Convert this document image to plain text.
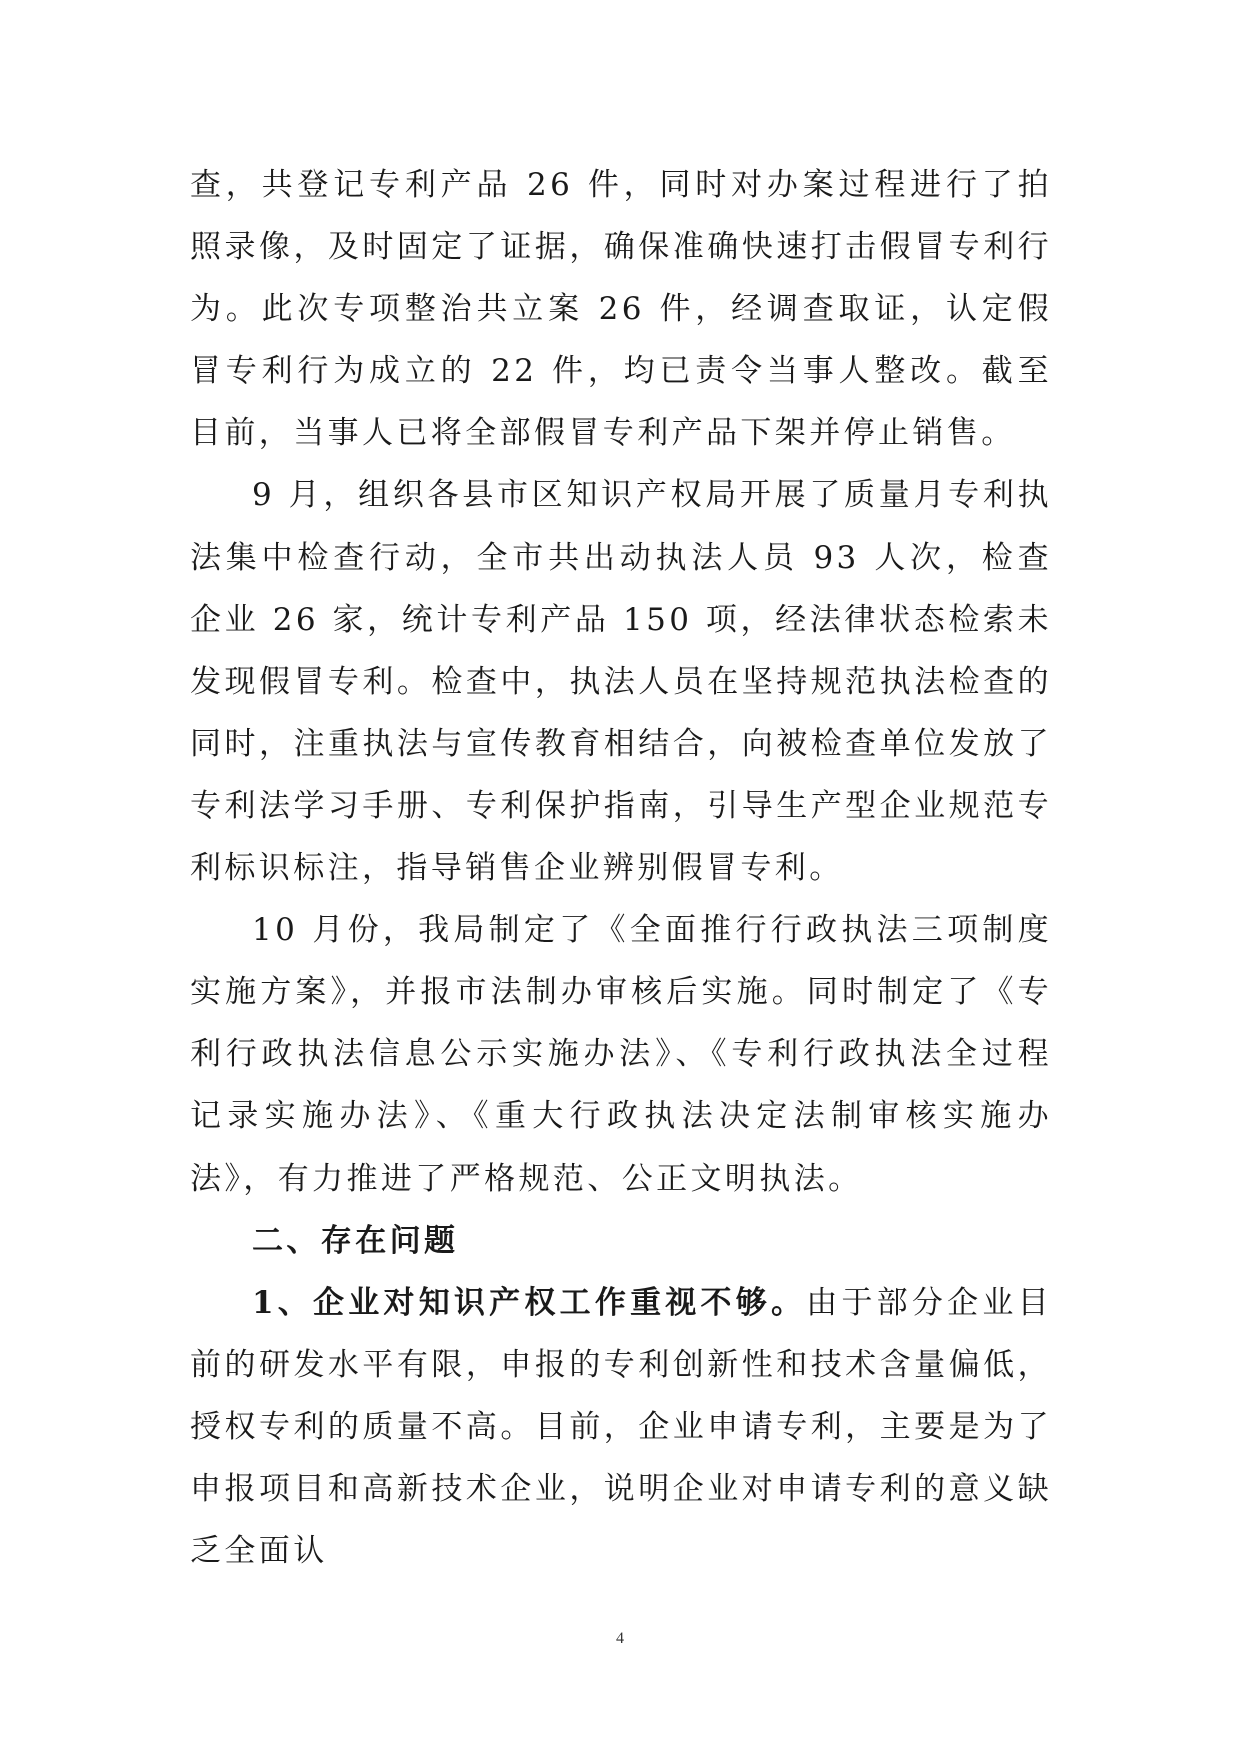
查，共登记专利产品 26 件，同时对办案过程进行了拍照录像，及时固定了证据，确保准确快速打击假冒专利行为。此次专项整治共立案 26 件，经调查取证，认定假冒专利行为成立的 22 件，均已责令当事人整改。截至目前，当事人已将全部假冒专利产品下架并停止销售。

9 月，组织各县市区知识产权局开展了质量月专利执法集中检查行动，全市共出动执法人员 93 人次，检查企业 26 家，统计专利产品 150 项，经法律状态检索未发现假冒专利。检查中，执法人员在坚持规范执法检查的同时，注重执法与宣传教育相结合，向被检查单位发放了专利法学习手册、专利保护指南，引导生产型企业规范专利标识标注，指导销售企业辨别假冒专利。

10 月份，我局制定了《全面推行行政执法三项制度实施方案》，并报市法制办审核后实施。同时制定了《专利行政执法信息公示实施办法》、《专利行政执法全过程记录实施办法》、《重大行政执法决定法制审核实施办法》，有力推进了严格规范、公正文明执法。

二、存在问题

1、企业对知识产权工作重视不够。由于部分企业目前的研发水平有限，申报的专利创新性和技术含量偏低，授权专利的质量不高。目前，企业申请专利，主要是为了申报项目和高新技术企业，说明企业对申请专利的意义缺乏全面认

4
